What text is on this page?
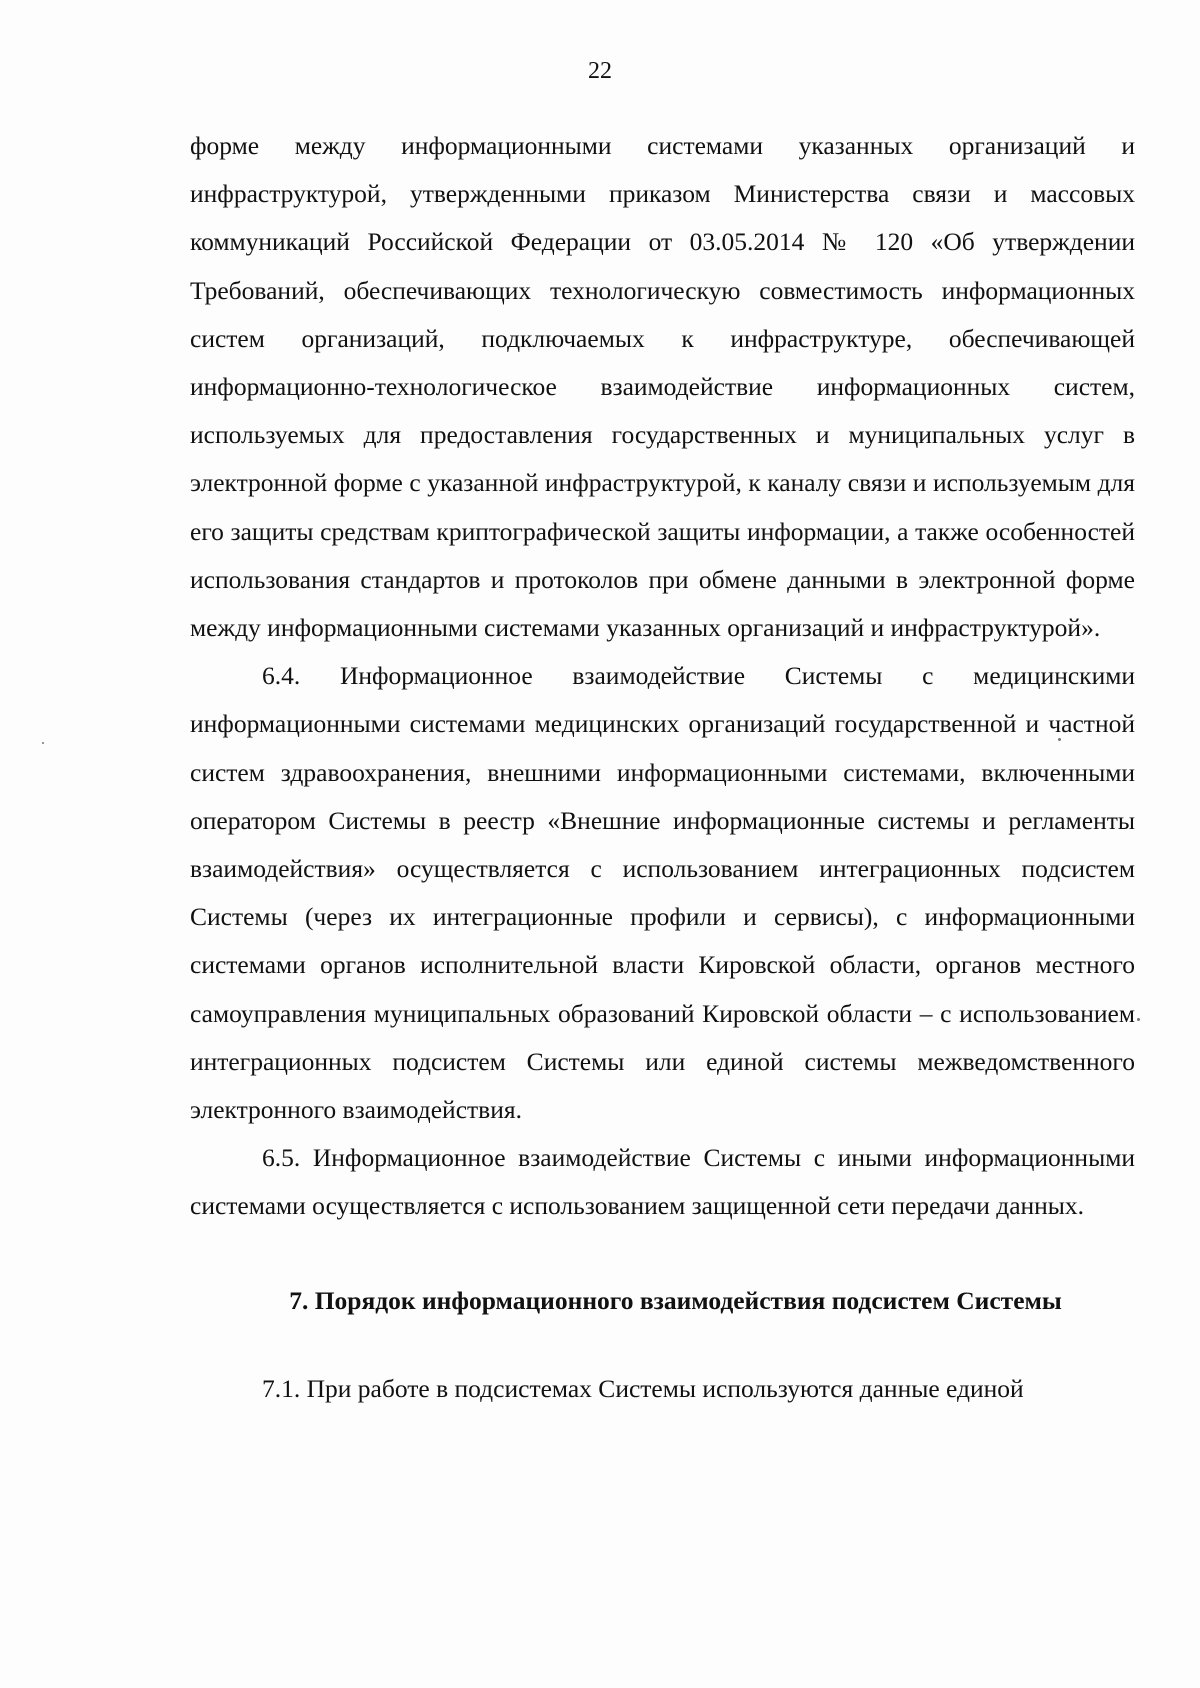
22

форме между информационными системами указанных организаций и инфраструктурой, утвержденными приказом Министерства связи и массовых коммуникаций Российской Федерации от 03.05.2014 № 120 «Об утверждении Требований, обеспечивающих технологическую совместимость информационных систем организаций, подключаемых к инфраструктуре, обеспечивающей информационно-технологическое взаимодействие информационных систем, используемых для предоставления государственных и муниципальных услуг в электронной форме с указанной инфраструктурой, к каналу связи и используемым для его защиты средствам криптографической защиты информации, а также особенностей использования стандартов и протоколов при обмене данными в электронной форме между информационными системами указанных организаций и инфраструктурой».

6.4. Информационное взаимодействие Системы с медицинскими информационными системами медицинских организаций государственной и частной систем здравоохранения, внешними информационными системами, включенными оператором Системы в реестр «Внешние информационные системы и регламенты взаимодействия» осуществляется с использованием интеграционных подсистем Системы (через их интеграционные профили и сервисы), с информационными системами органов исполнительной власти Кировской области, органов местного самоуправления муниципальных образований Кировской области – с использованием интеграционных подсистем Системы или единой системы межведомственного электронного взаимодействия.

6.5. Информационное взаимодействие Системы с иными информационными системами осуществляется с использованием защищенной сети передачи данных.

7. Порядок информационного взаимодействия подсистем Системы

7.1. При работе в подсистемах Системы используются данные единой
